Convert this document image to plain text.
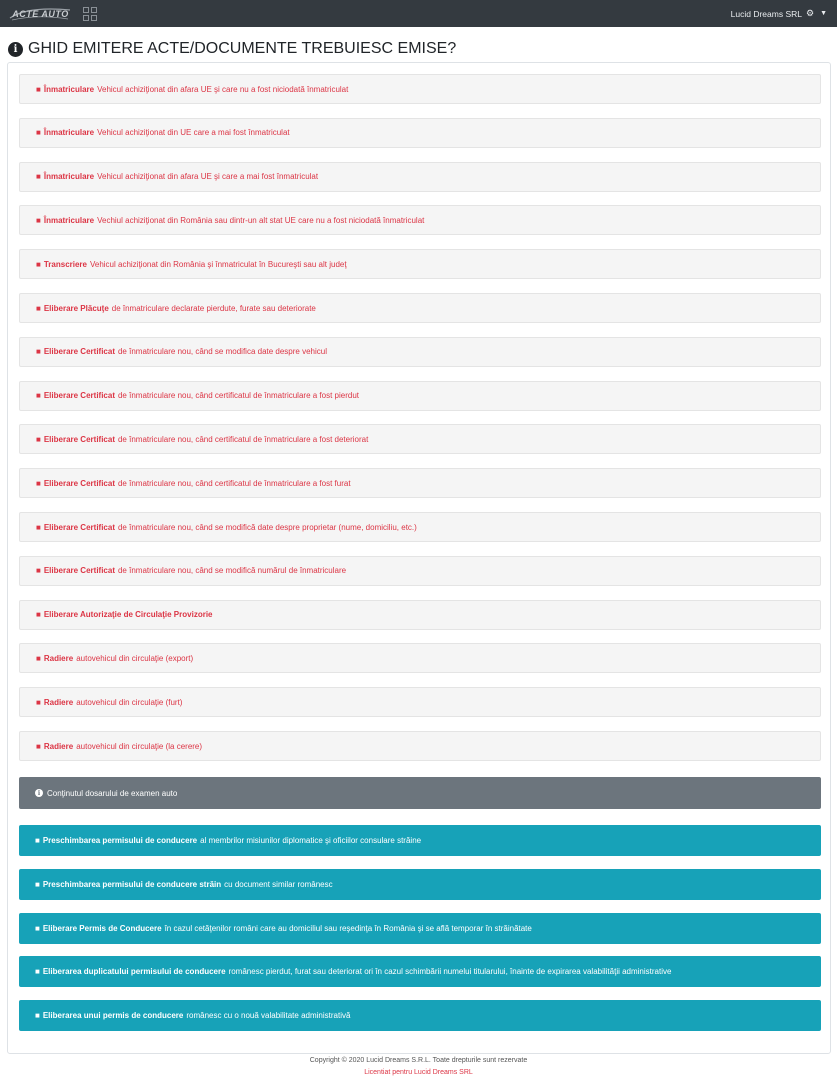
ACTE AUTO	Lucid Dreams SRL ⚙ ▼
i GHID EMITERE ACTE/DOCUMENTE TREBUIESC EMISE?
■ Înmatriculare Vehicul achiziţionat din afara UE şi care nu a fost niciodată înmatriculat
■ Înmatriculare Vehicul achiziţionat din UE care a mai fost înmatriculat
■ Înmatriculare Vehicul achiziţionat din afara UE şi care a mai fost înmatriculat
■ Înmatriculare Vechiul achiziţionat din România sau dintr-un alt stat UE care nu a fost niciodată înmatriculat
■ Transcriere Vehicul achiziţionat din România şi înmatriculat în Bucureşti sau alt judeţ
■ Eliberare Plăcuţe de înmatriculare declarate pierdute, furate sau deteriorate
■ Eliberare Certificat de înmatriculare nou, când se modifica date despre vehicul
■ Eliberare Certificat de înmatriculare nou, când certificatul de înmatriculare a fost pierdut
■ Eliberare Certificat de înmatriculare nou, când certificatul de înmatriculare a fost deteriorat
■ Eliberare Certificat de înmatriculare nou, când certificatul de înmatriculare a fost furat
■ Eliberare Certificat de înmatriculare nou, când se modifică date despre proprietar (nume, domiciliu, etc.)
■ Eliberare Certificat de înmatriculare nou, când se modifică numărul de înmatriculare
■ Eliberare Autorizaţie de Circulaţie Provizorie
■ Radiere autovehicul din circulaţie (export)
■ Radiere autovehicul din circulaţie (furt)
■ Radiere autovehicul din circulaţie (la cerere)
i Conţinutul dosarului de examen auto
■ Preschimbarea permisului de conducere al membrilor misiunilor diplomatice şi oficiilor consulare străine
■ Preschimbarea permisului de conducere străin cu document similar românesc
■ Eliberare Permis de Conducere în cazul cetăţenilor români care au domiciliul sau reşedinţa în România şi se află temporar în străinătate
■ Eliberarea duplicatului permisului de conducere românesc pierdut, furat sau deteriorat ori în cazul schimbării numelui titularului, înainte de expirarea valabilităţii administrative
■ Eliberarea unui permis de conducere românesc cu o nouă valabilitate administrativă
Copyright © 2020 Lucid Dreams S.R.L. Toate drepturile sunt rezervate
Licentiat pentru Lucid Dreams SRL
